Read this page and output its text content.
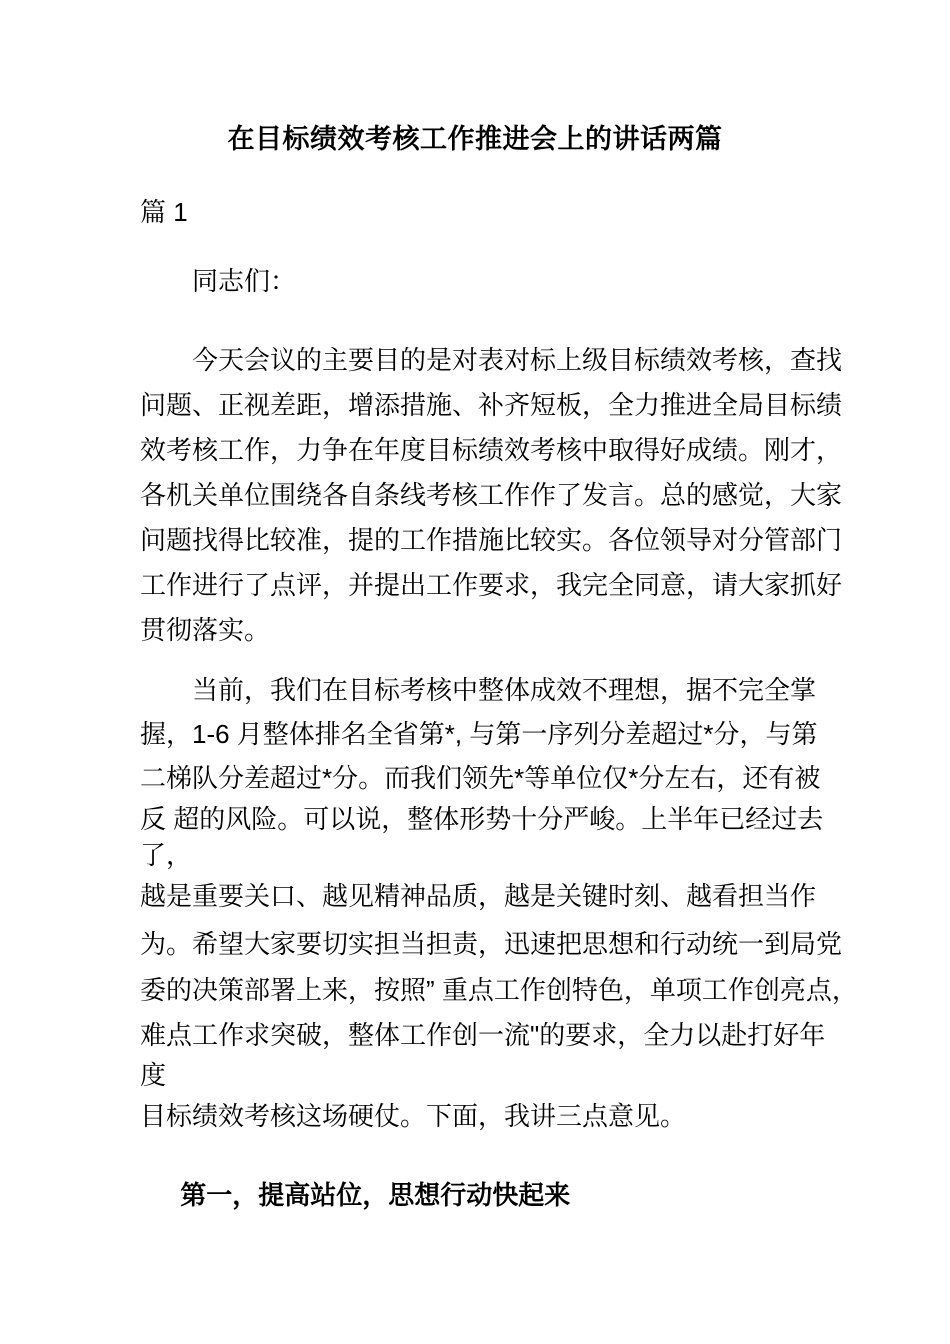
在目标绩效考核工作推进会上的讲话两篇
篇 1
同志们：
今天会议的主要目的是对表对标上级目标绩效考核，查找
问题、正视差距，增添措施、补齐短板，全力推进全局目标绩
效考核工作，力争在年度目标绩效考核中取得好成绩。刚才，
各机关单位围绕各自条线考核工作作了发言。总的感觉，大家
问题找得比较准，提的工作措施比较实。各位领导对分管部门
工作进行了点评，并提出工作要求，我完全同意，请大家抓好
贯彻落实。
当前，我们在目标考核中整体成效不理想，据不完全掌
握，1-6 月整体排名全省第*, 与第一序列分差超过*分，与第
二梯队分差超过*分。而我们领先*等单位仅*分左右，还有被
反 超的风险。可以说，整体形势十分严峻。上半年已经过去
了，
越是重要关口、越见精神品质，越是关键时刻、越看担当作
为。希望大家要切实担当担责，迅速把思想和行动统一到局党
委的决策部署上来，按照” 重点工作创特色，单项工作创亮点，
难点工作求突破，整体工作创一流"的要求，全力以赴打好年
度
目标绩效考核这场硬仗。下面，我讲三点意见。
第一，提高站位，思想行动快起来
